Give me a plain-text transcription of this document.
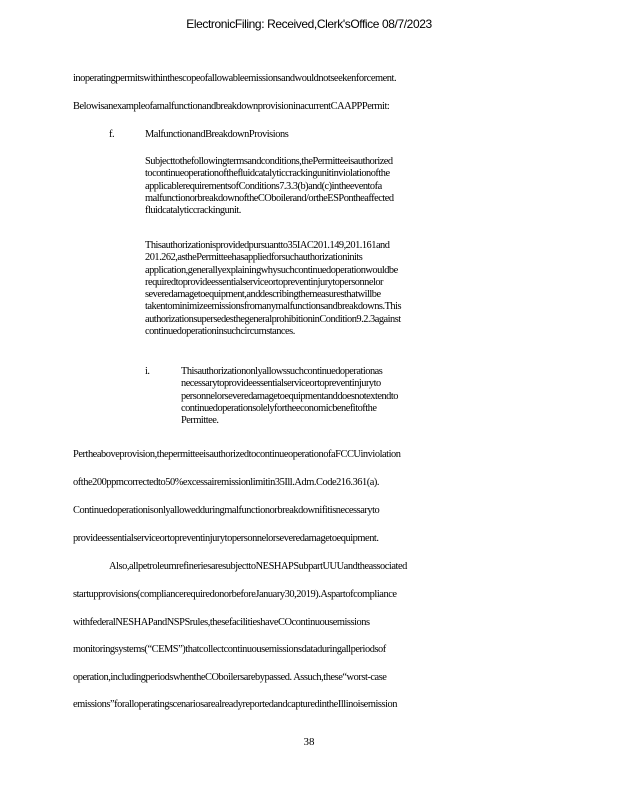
ElectronicFiling: Received,Clerk'sOffice 08/7/2023
inoperatingpermitswithinthescopeofallowableemissionsandwouldnotseekenforcement.
BelowisanexampleofamalfunctionandbreakdownprovisioninacurrentCAAPPPermit:
f.	MalfunctionandBreakdownProvisions
Subjecttothefollowingtermsandconditions,thePermitteeisauthorized
tocontinueoperationofthefluidcatalyticcrackingunitinviolationofthe
applicablerequirementsofConditions7.3.3(b)and(c)intheeventofa
malfunctionorbreakdownoftheCOboilerand/ortheESPontheaffected
fluidcatalyticcrackingunit.
Thisauthorizationisprovidedpursuantto35IAC201.149,201.161and
201.262,asthePermitteehasappliedforsuchauthorizationinits
application,generallyexplainingwhysuchcontinuedoperationwouldbe
requiredtoprovideessentialserviceortopreventinjurytopersonnelor
severedamagetoequipment,anddescribingthemeasuresthatwillbe
takentominimizeemissionsfromanymalfunctionsandbreakdowns.This
authorizationsupersedesthegeneralprohibitioninCondition9.2.3against
continuedoperationinsuchcircumstances.
i.	Thisauthorizationonlyallowssuchcontinuedoperationas
necessarytoprovideessentialserviceortopreventinjuryto
personnelorseveredamagetoequipmentanddoesnotextendto
continuedoperationsolelyfortheeconomicbenefitofthe
Permittee.
Pertheaboveprovision,thepermitteeisauthorizedtocontinueoperationofaFCCUinviolation
ofthe200ppmcorrectedto50%excessairemissionlimitin35Ill.Adm.Code216.361(a).
Continuedoperationisonlyallowedduringmalfunctionorbreakdownifitisnecessaryto
provideessentialserviceortopreventinjurytopersonnelorseveredamagetoequipment.
Also,allpetroleumrefineriesaresubjecttoNESHAPSubpartUUUandtheassociated
startupprovisions(compliancerequiredonorbeforeJanuary30,2019).Aspartofcompliance
withfederalNESHAPandNSPSrules,thesefacilitieshaveCOcontinuousemissions
monitoringsystems(“CEMS”)thatcollectcontinuousemissionsdataduringallperiodsof
operation,includingperiodswhentheCOboilersarebypassed. Assuch,these“worst-case
emissions”foralloperatingscenariosarealreadyreportedandcapturedintheIllinoisemission
38
